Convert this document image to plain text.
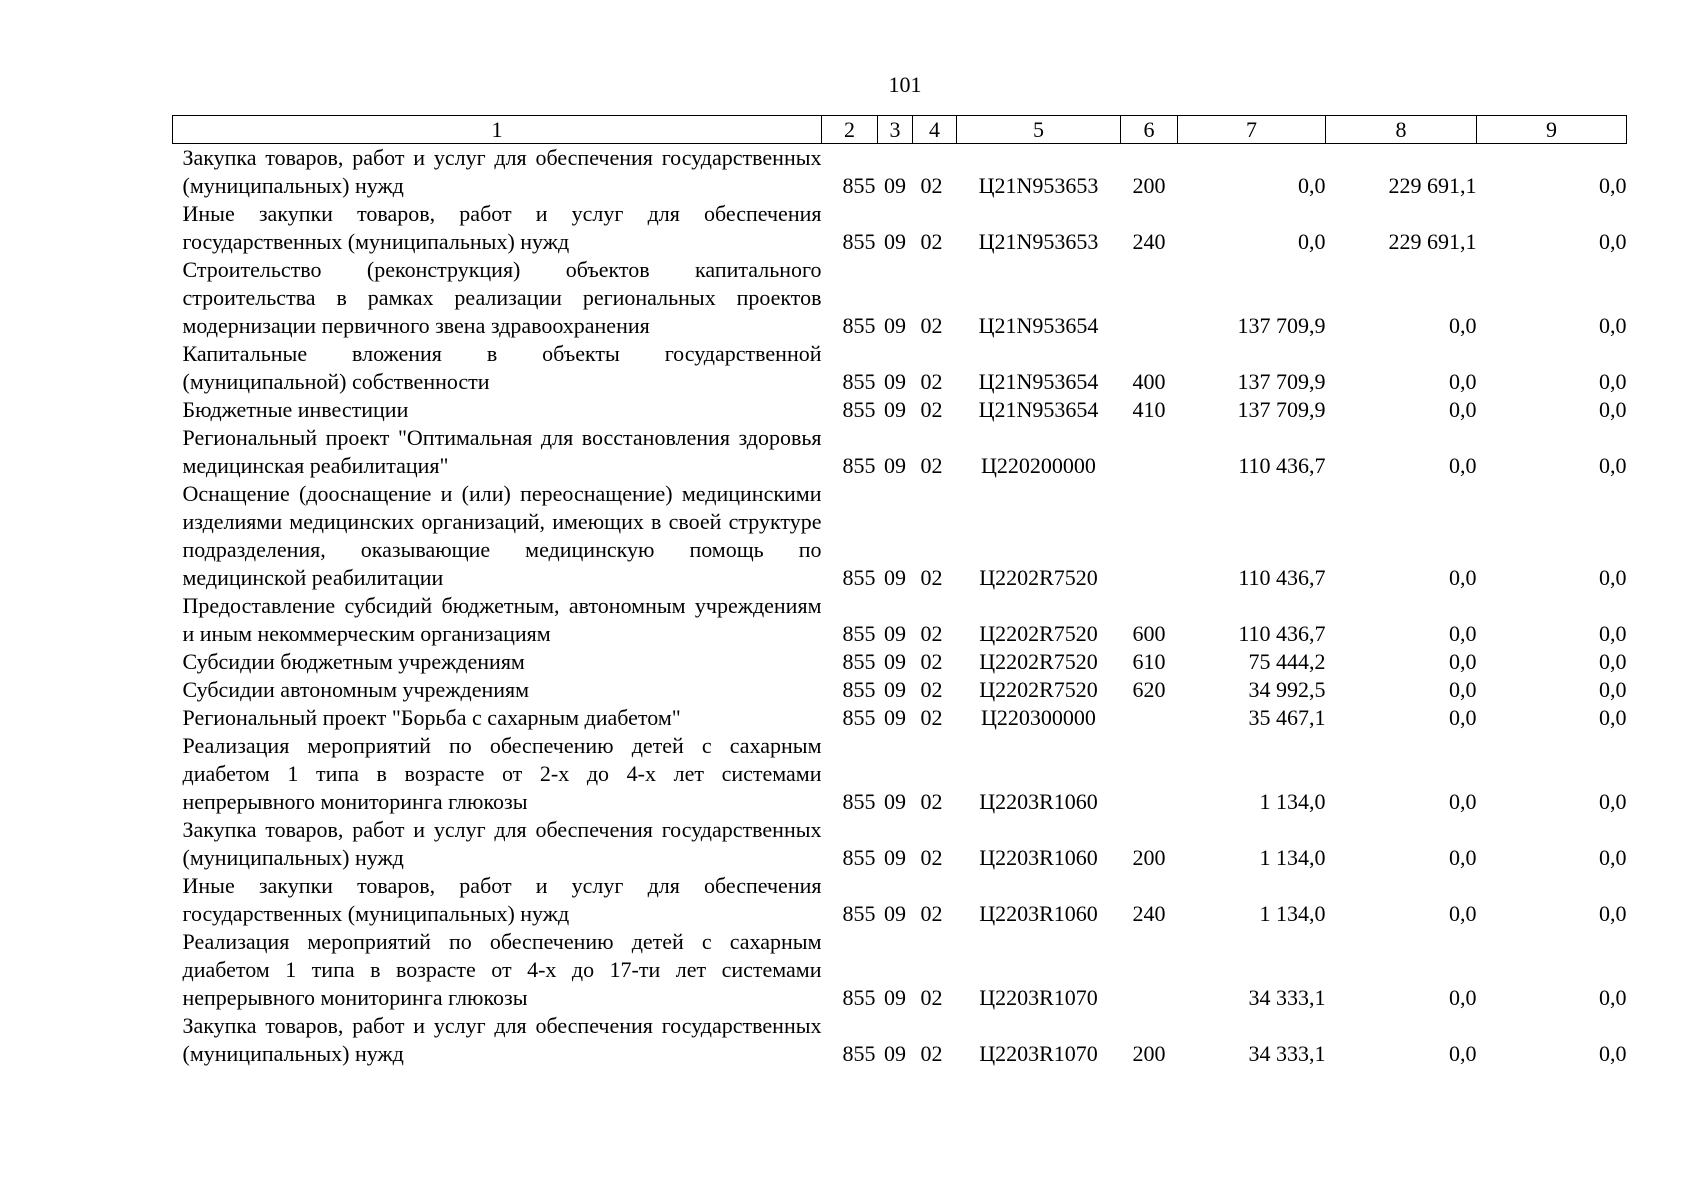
101
1	2	3	4	5	6	7	8	9
Закупка товаров, работ и услуг для обеспечения государственных (муниципальных) нужд	855	09	02	Ц21N953653	200	0,0	229 691,1	0,0
Иные закупки товаров, работ и услуг для обеспечения государственных (муниципальных) нужд	855	09	02	Ц21N953653	240	0,0	229 691,1	0,0
Строительство (реконструкция) объектов капитального строительства в рамках реализации региональных проектов модернизации первичного звена здравоохранения	855	09	02	Ц21N953654		137 709,9	0,0	0,0
Капитальные вложения в объекты государственной (муниципальной) собственности	855	09	02	Ц21N953654	400	137 709,9	0,0	0,0
Бюджетные инвестиции	855	09	02	Ц21N953654	410	137 709,9	0,0	0,0
Региональный проект "Оптимальная для восстановления здоровья медицинская реабилитация"	855	09	02	Ц220200000		110 436,7	0,0	0,0
Оснащение (дооснащение и (или) переоснащение) медицинскими изделиями медицинских организаций, имеющих в своей структуре подразделения, оказывающие медицинскую помощь по медицинской реабилитации	855	09	02	Ц2202R7520		110 436,7	0,0	0,0
Предоставление субсидий бюджетным, автономным учреждениям и иным некоммерческим организациям	855	09	02	Ц2202R7520	600	110 436,7	0,0	0,0
Субсидии бюджетным учреждениям	855	09	02	Ц2202R7520	610	75 444,2	0,0	0,0
Субсидии автономным учреждениям	855	09	02	Ц2202R7520	620	34 992,5	0,0	0,0
Региональный проект "Борьба с сахарным диабетом"	855	09	02	Ц220300000		35 467,1	0,0	0,0
Реализация мероприятий по обеспечению детей с сахарным диабетом 1 типа в возрасте от 2-х до 4-х лет системами непрерывного мониторинга глюкозы	855	09	02	Ц2203R1060		1 134,0	0,0	0,0
Закупка товаров, работ и услуг для обеспечения государственных (муниципальных) нужд	855	09	02	Ц2203R1060	200	1 134,0	0,0	0,0
Иные закупки товаров, работ и услуг для обеспечения государственных (муниципальных) нужд	855	09	02	Ц2203R1060	240	1 134,0	0,0	0,0
Реализация мероприятий по обеспечению детей с сахарным диабетом 1 типа в возрасте от 4-х до 17-ти лет системами непрерывного мониторинга глюкозы	855	09	02	Ц2203R1070		34 333,1	0,0	0,0
Закупка товаров, работ и услуг для обеспечения государственных (муниципальных) нужд	855	09	02	Ц2203R1070	200	34 333,1	0,0	0,0
